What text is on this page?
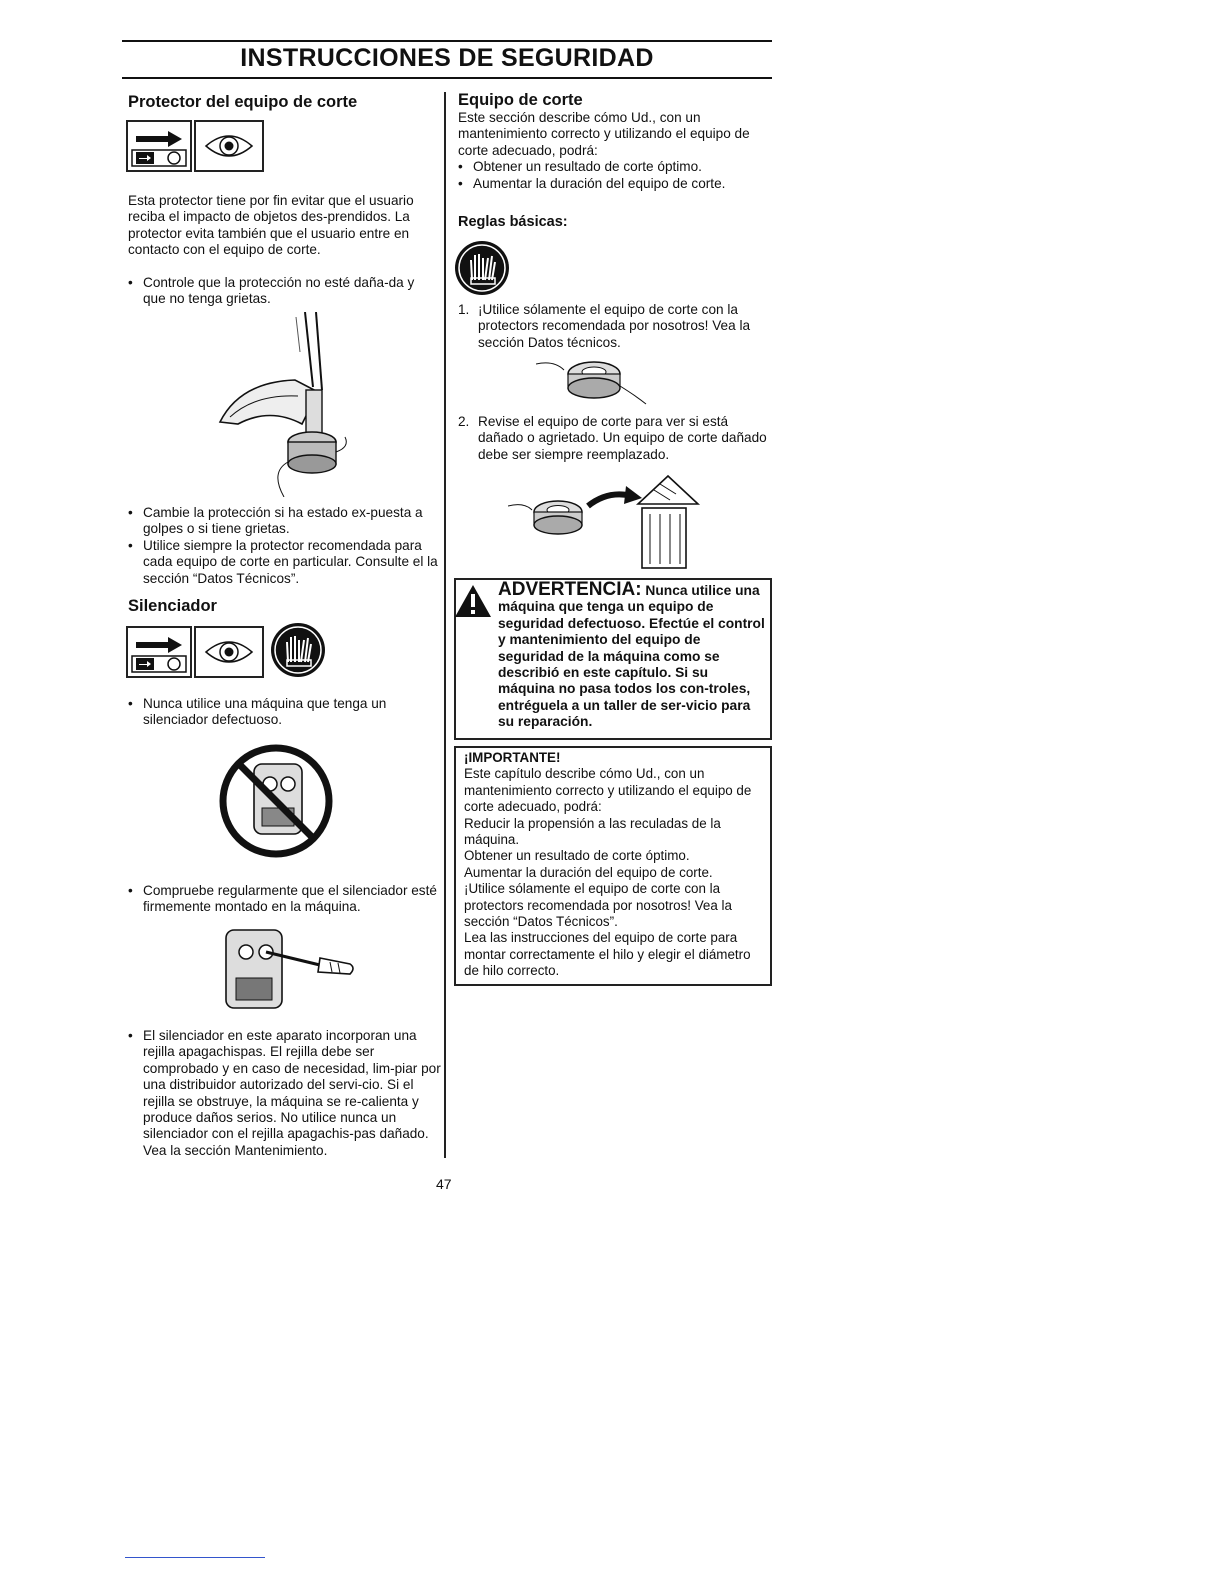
INSTRUCCIONES DE SEGURIDAD
Protector del equipo de corte
Esta protector tiene por fin evitar que el usuario reciba el impacto de objetos des-prendidos. La protector evita también que el usuario entre en contacto con el equipo de corte.
• Controle que la protección no esté daña-da y que no tenga grietas.
• Cambie la protección si ha estado ex-puesta a golpes o si tiene grietas.
• Utilice siempre la protector recomendada para cada equipo de corte en particular. Consulte el la sección “Datos Técnicos”.
Silenciador
• Nunca utilice una máquina que tenga un silenciador defectuoso.
• Compruebe regularmente que el silenciador esté firmemente montado en la máquina.
• El silenciador en este aparato incorporan una rejilla apagachispas. El rejilla debe ser comprobado y en caso de necesidad, lim-piar por una distribuidor autorizado del servi-cio. Si el rejilla se obstruye, la máquina se re-calienta y produce daños serios. No utilice nunca un silenciador con el rejilla apagachis-pas dañado. Vea la sección Mantenimiento.
Equipo de corte
Este sección describe cómo Ud., con un mantenimiento correcto y utilizando el equipo de corte adecuado, podrá:
• Obtener un resultado de corte óptimo.
• Aumentar la duración del equipo de corte.
Reglas básicas:
1. ¡Utilice sólamente el equipo de corte con la protectors recomendada por nosotros! Vea la sección Datos técnicos.
2. Revise el equipo de corte para ver si está dañado o agrietado. Un equipo de corte dañado debe ser siempre reemplazado.
ADVERTENCIA: Nunca utilice una máquina que tenga un equipo de seguridad defectuoso. Efectúe el control y mantenimiento del equipo de seguridad de la máquina como se describió en este capítulo. Si su máquina no pasa todos los con-troles, entréguela a un taller de ser-vicio para su reparación.

¡IMPORTANTE!

Este capítulo describe cómo Ud., con un mantenimiento correcto y utilizando el equipo de corte adecuado, podrá:

Reducir la propensión a las reculadas de la máquina.

Obtener un resultado de corte óptimo.

Aumentar la duración del equipo de corte.

¡Utilice sólamente el equipo de corte con la protectors recomendada por nosotros! Vea la sección “Datos Técnicos”.

Lea las instrucciones del equipo de corte para montar correctamente el hilo y elegir el diámetro de hilo correcto.

47
